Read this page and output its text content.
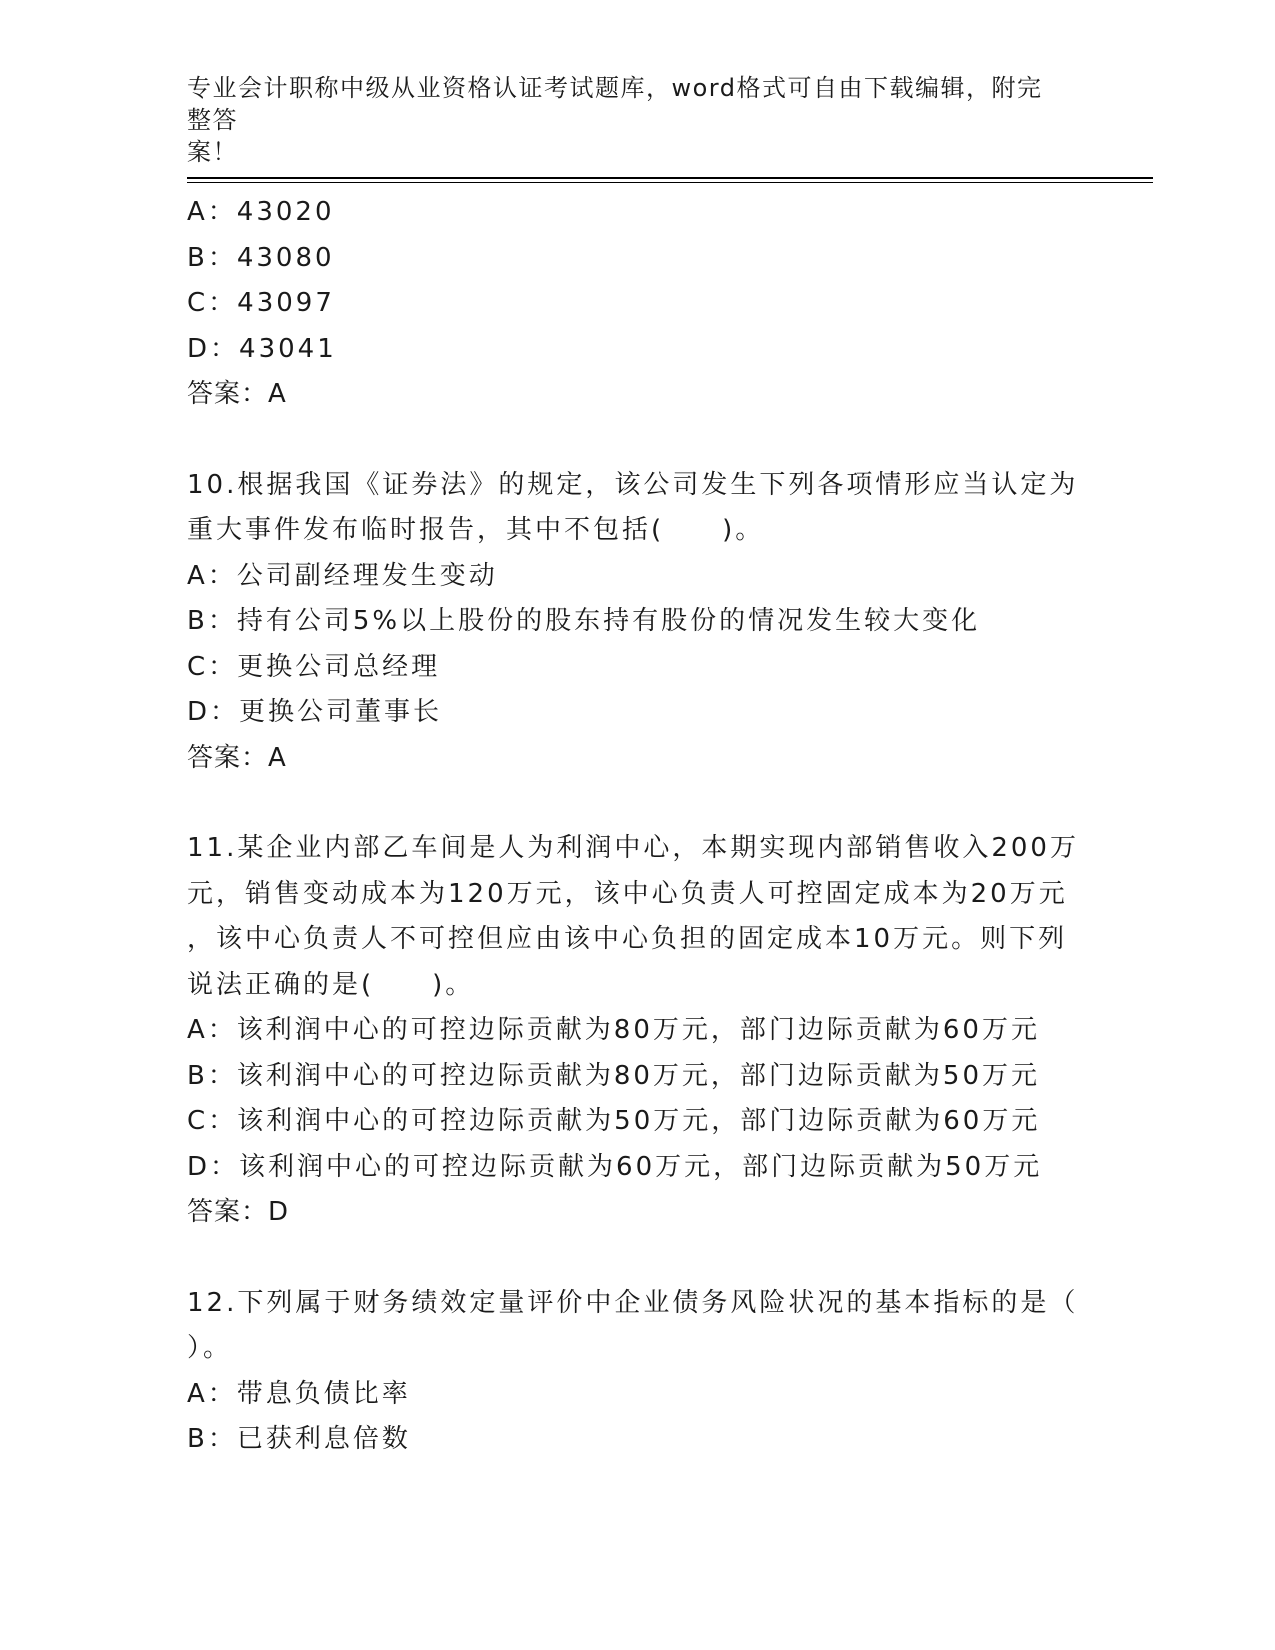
专业会计职称中级从业资格认证考试题库，word格式可自由下载编辑，附完整答
案！
A：43020
B：43080
C：43097
D：43041
答案：A
10.根据我国《证券法》的规定，该公司发生下列各项情形应当认定为
重大事件发布临时报告，其中不包括(　　)。
A：公司副经理发生变动
B：持有公司5%以上股份的股东持有股份的情况发生较大变化
C：更换公司总经理
D：更换公司董事长
答案：A
11.某企业内部乙车间是人为利润中心，本期实现内部销售收入200万
元，销售变动成本为120万元，该中心负责人可控固定成本为20万元
，该中心负责人不可控但应由该中心负担的固定成本10万元。则下列
说法正确的是(　　)。
A：该利润中心的可控边际贡献为80万元，部门边际贡献为60万元
B：该利润中心的可控边际贡献为80万元，部门边际贡献为50万元
C：该利润中心的可控边际贡献为50万元，部门边际贡献为60万元
D：该利润中心的可控边际贡献为60万元，部门边际贡献为50万元
答案：D
12.下列属于财务绩效定量评价中企业债务风险状况的基本指标的是（
）。
A：带息负债比率
B：已获利息倍数
